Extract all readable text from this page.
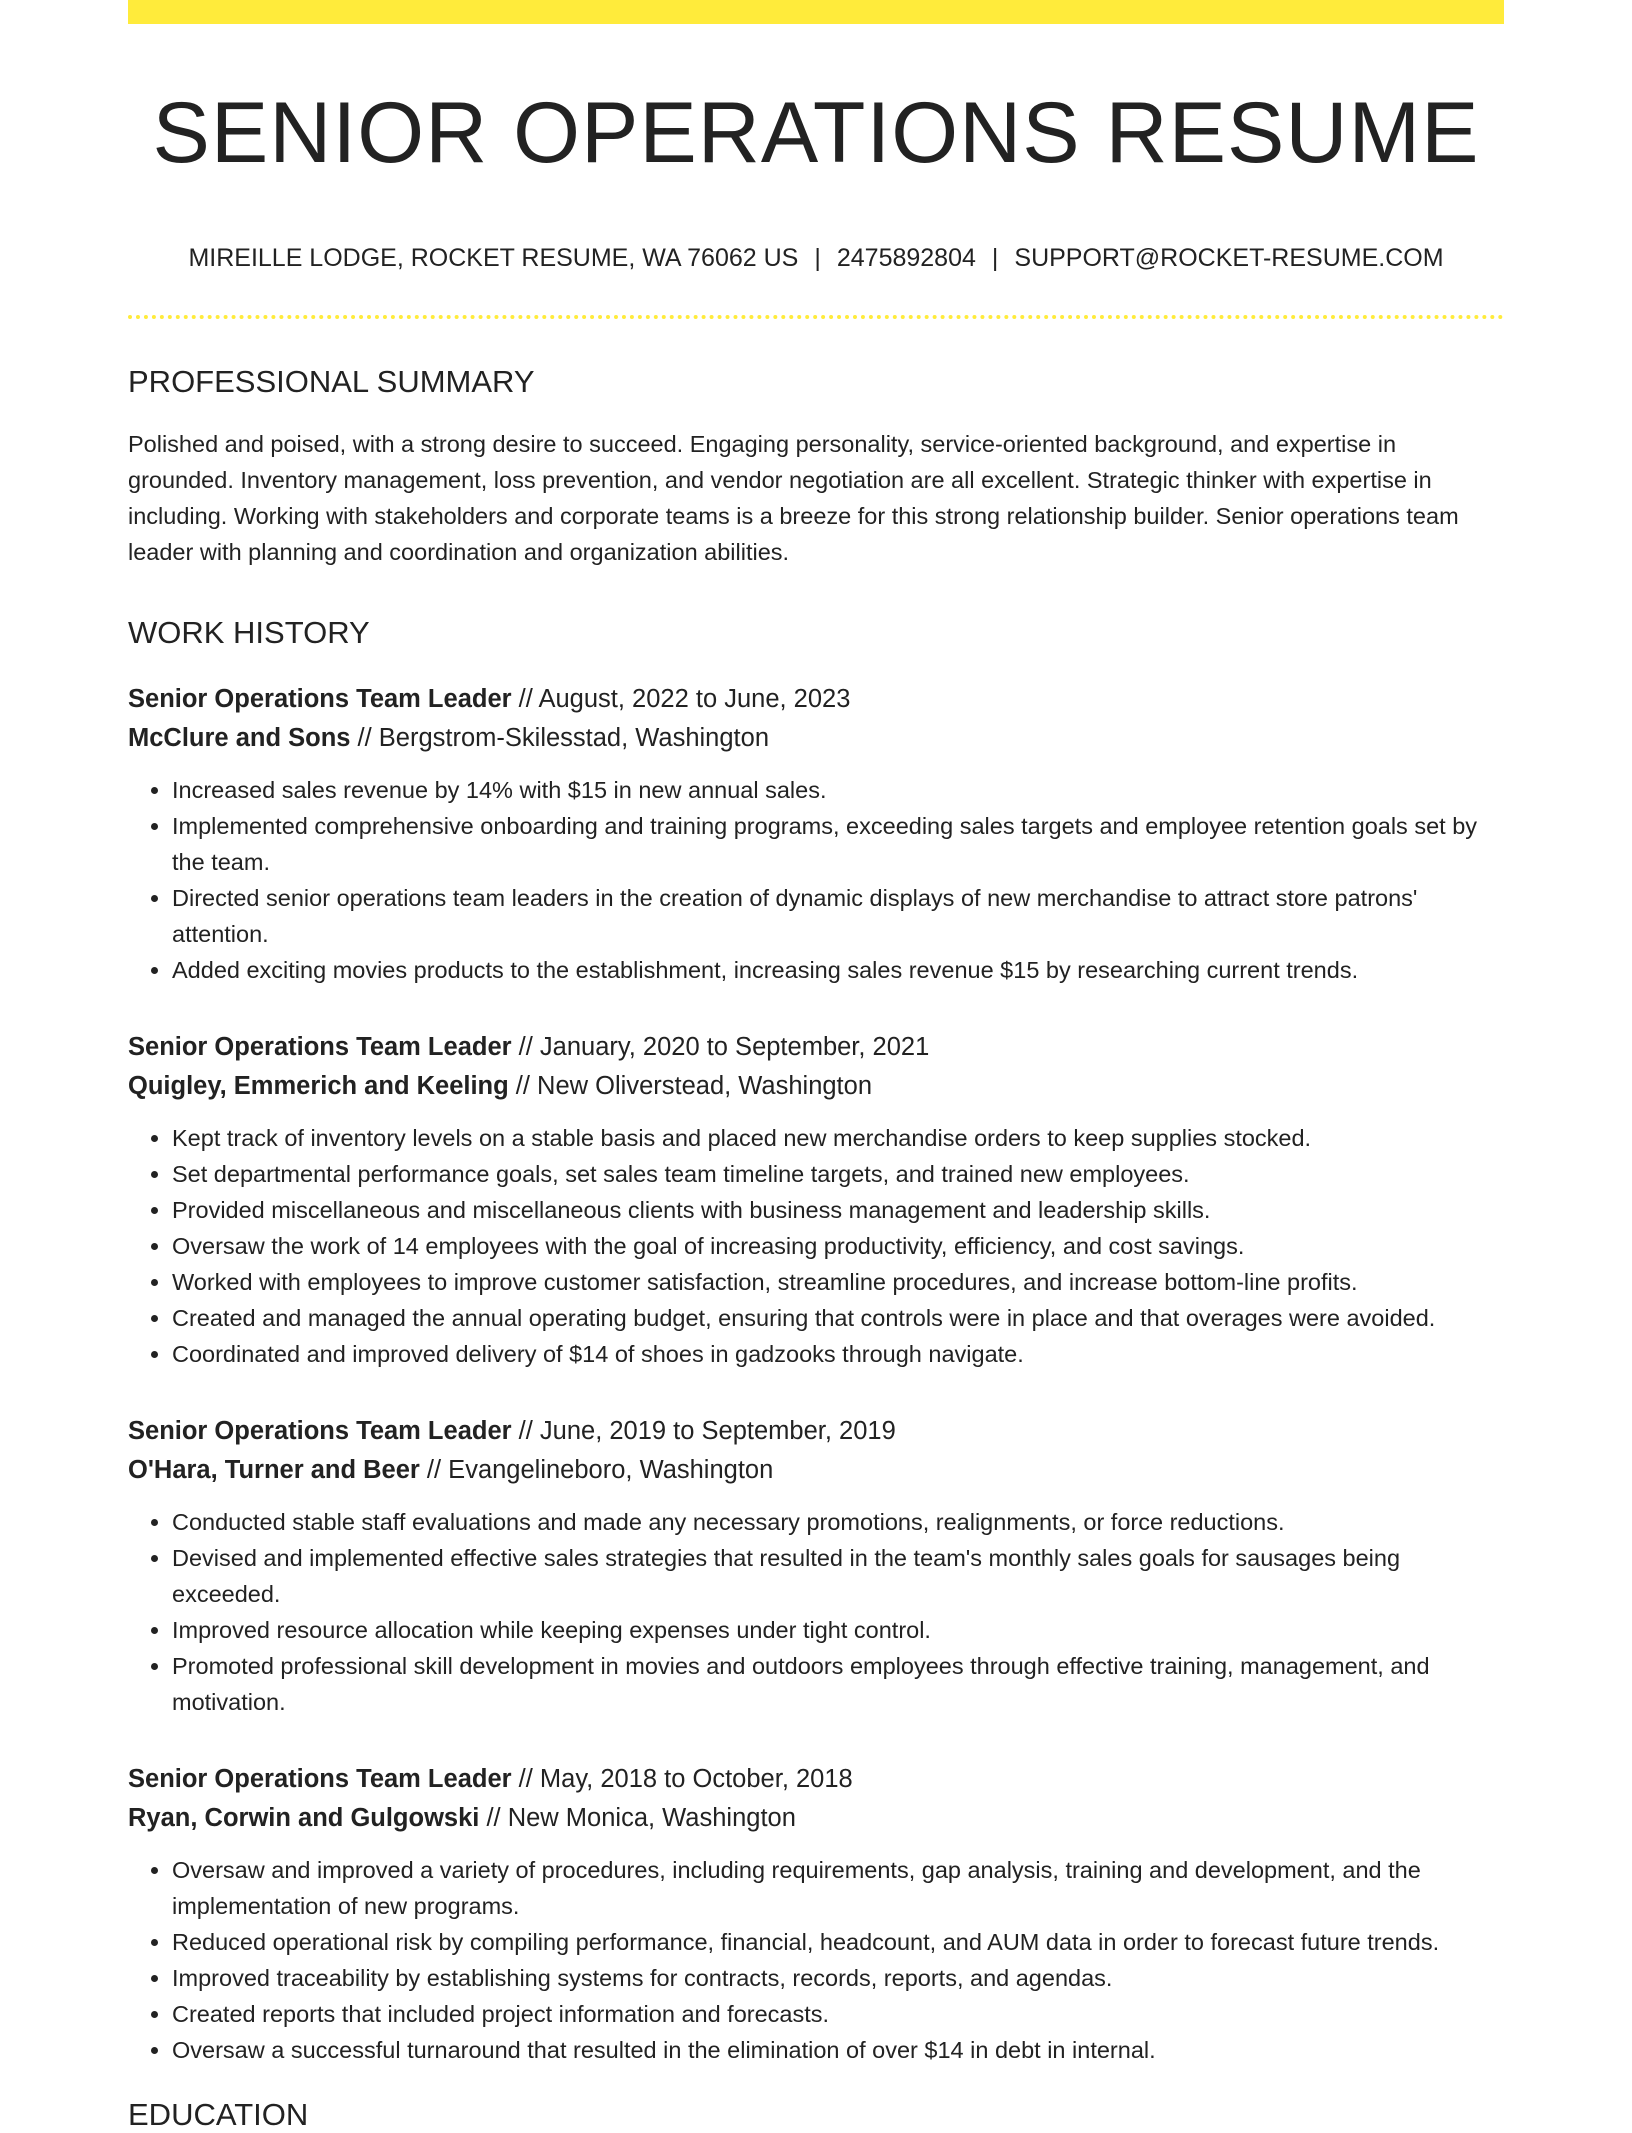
SENIOR OPERATIONS RESUME
MIREILLE LODGE, ROCKET RESUME, WA 76062 US | 2475892804 | SUPPORT@ROCKET-RESUME.COM
PROFESSIONAL SUMMARY

Polished and poised, with a strong desire to succeed. Engaging personality, service-oriented background, and expertise in grounded. Inventory management, loss prevention, and vendor negotiation are all excellent. Strategic thinker with expertise in including. Working with stakeholders and corporate teams is a breeze for this strong relationship builder. Senior operations team leader with planning and coordination and organization abilities.

WORK HISTORY
Senior Operations Team Leader // August, 2022 to June, 2023
McClure and Sons // Bergstrom-Skilesstad, Washington
• Increased sales revenue by 14% with $15 in new annual sales.
• Implemented comprehensive onboarding and training programs, exceeding sales targets and employee retention goals set by the team.
• Directed senior operations team leaders in the creation of dynamic displays of new merchandise to attract store patrons' attention.
• Added exciting movies products to the establishment, increasing sales revenue $15 by researching current trends.
Senior Operations Team Leader // January, 2020 to September, 2021
Quigley, Emmerich and Keeling // New Oliverstead, Washington
• Kept track of inventory levels on a stable basis and placed new merchandise orders to keep supplies stocked.
• Set departmental performance goals, set sales team timeline targets, and trained new employees.
• Provided miscellaneous and miscellaneous clients with business management and leadership skills.
• Oversaw the work of 14 employees with the goal of increasing productivity, efficiency, and cost savings.
• Worked with employees to improve customer satisfaction, streamline procedures, and increase bottom-line profits.
• Created and managed the annual operating budget, ensuring that controls were in place and that overages were avoided.
• Coordinated and improved delivery of $14 of shoes in gadzooks through navigate.
Senior Operations Team Leader // June, 2019 to September, 2019
O'Hara, Turner and Beer // Evangelineboro, Washington
• Conducted stable staff evaluations and made any necessary promotions, realignments, or force reductions.
• Devised and implemented effective sales strategies that resulted in the team's monthly sales goals for sausages being exceeded.
• Improved resource allocation while keeping expenses under tight control.
• Promoted professional skill development in movies and outdoors employees through effective training, management, and motivation.
Senior Operations Team Leader // May, 2018 to October, 2018
Ryan, Corwin and Gulgowski // New Monica, Washington
• Oversaw and improved a variety of procedures, including requirements, gap analysis, training and development, and the implementation of new programs.
• Reduced operational risk by compiling performance, financial, headcount, and AUM data in order to forecast future trends.
• Improved traceability by establishing systems for contracts, records, reports, and agendas.
• Created reports that included project information and forecasts.
• Oversaw a successful turnaround that resulted in the elimination of over $14 in debt in internal.
EDUCATION
